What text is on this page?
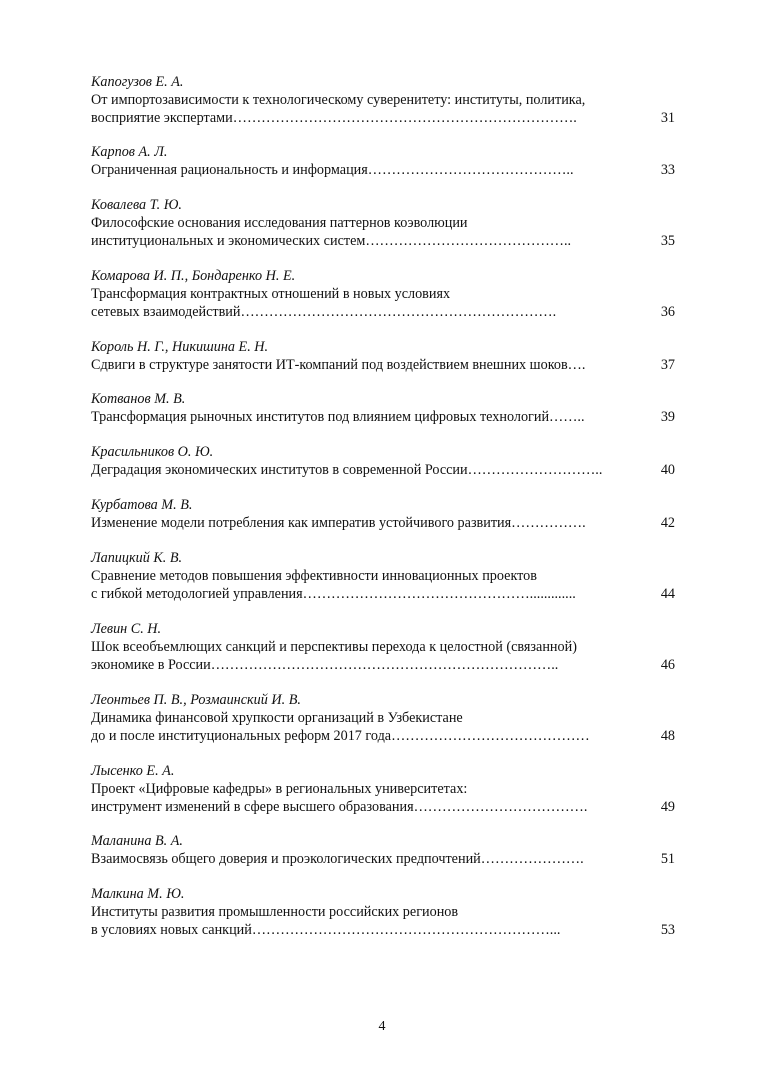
Капогузов Е. А.
От импортозависимости к технологическому суверенитету: институты, политика,
восприятие экспертами……………………………………………………………….	31
Карпов А. Л.
Ограниченная рациональность и информация……………………………………..	33
Ковалева Т. Ю.
Философские основания исследования паттернов коэволюции
институциональных и экономических систем……………………………………..	35
Комарова И. П., Бондаренко Н. Е.
Трансформация контрактных отношений в новых условиях
сетевых взаимодействий………………………………………………………….	36
Король Н. Г., Никишина Е. Н.
Сдвиги в структуре занятости ИТ-компаний под воздействием внешних шоков….	37
Котванов М. В.
Трансформация рыночных институтов под влиянием цифровых технологий……..	39
Красильников О. Ю.
Деградация экономических институтов в современной России………………………..	40
Курбатова М. В.
Изменение модели потребления как императив устойчивого развития…………….	42
Лапицкий К. В.
Сравнение методов повышения эффективности инновационных проектов
с гибкой методологией управления………………………………………….............	44
Левин С. Н.
Шок всеобъемлющих санкций и перспективы перехода к целостной (связанной)
экономике в России………………………………………………………………..	46
Леонтьев П. В., Розмаинский И. В.
Динамика финансовой хрупкости организаций в Узбекистане
до и после институциональных реформ 2017 года……………………………………	48
Лысенко Е. А.
Проект «Цифровые кафедры» в региональных университетах:
инструмент изменений в сфере высшего образования……………………………….	49
Маланина В. А.
Взаимосвязь общего доверия и проэкологических предпочтений………………….	51
Малкина М. Ю.
Институты развития промышленности российских регионов
в условиях новых санкций………………………………………………………...	53
4
